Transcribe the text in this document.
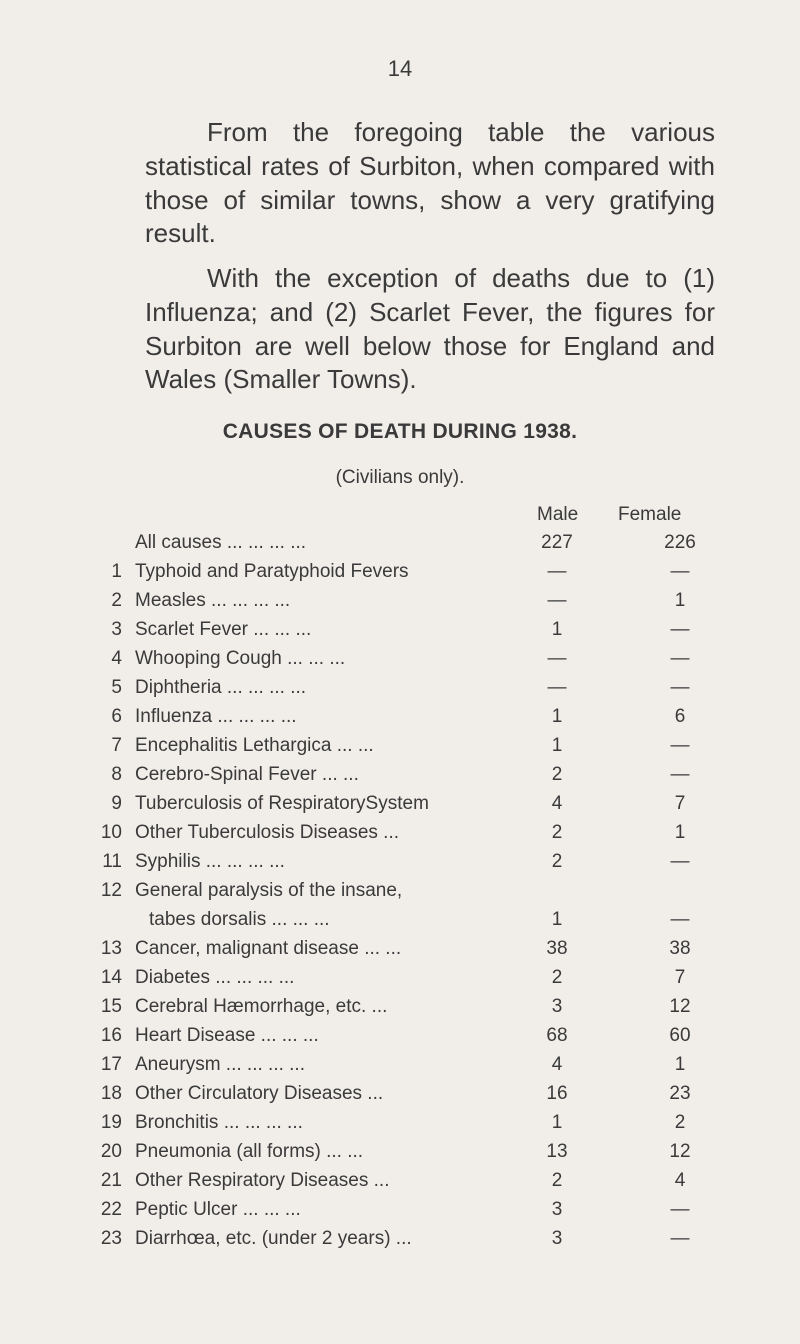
14

From the foregoing table the various statistical rates of Surbiton, when compared with those of similar towns, show a very gratifying result.

With the exception of deaths due to (1) Influenza; and (2) Scarlet Fever, the figures for Surbiton are well below those for England and Wales (Smaller Towns).

CAUSES OF DEATH DURING 1938.
(Civilians only).
Male Female
All causes ... ... ... ...	227	226
1 Typhoid and Paratyphoid Fevers	—	—
2 Measles ... ... ... ...	—	1
3 Scarlet Fever ... ... ...	1	—
4 Whooping Cough ... ... ...	—	—
5 Diphtheria ... ... ... ...	—	—
6 Influenza ... ... ... ...	1	6
7 Encephalitis Lethargica ... ...	1	—
8 Cerebro-Spinal Fever ... ...	2	—
9 Tuberculosis of RespiratorySystem	4	7
10 Other Tuberculosis Diseases ...	2	1
11 Syphilis ... ... ... ...	2	—
12 General paralysis of the insane,
tabes dorsalis ... ... ...	1	—
13 Cancer, malignant disease ... ...	38	38
14 Diabetes ... ... ... ...	2	7
15 Cerebral Hæmorrhage, etc. ...	3	12
16 Heart Disease ... ... ...	68	60
17 Aneurysm ... ... ... ...	4	1
18 Other Circulatory Diseases ...	16	23
19 Bronchitis ... ... ... ...	1	2
20 Pneumonia (all forms) ... ...	13	12
21 Other Respiratory Diseases ...	2	4
22 Peptic Ulcer ... ... ...	3	—
23 Diarrhœa, etc. (under 2 years) ...	3	—
